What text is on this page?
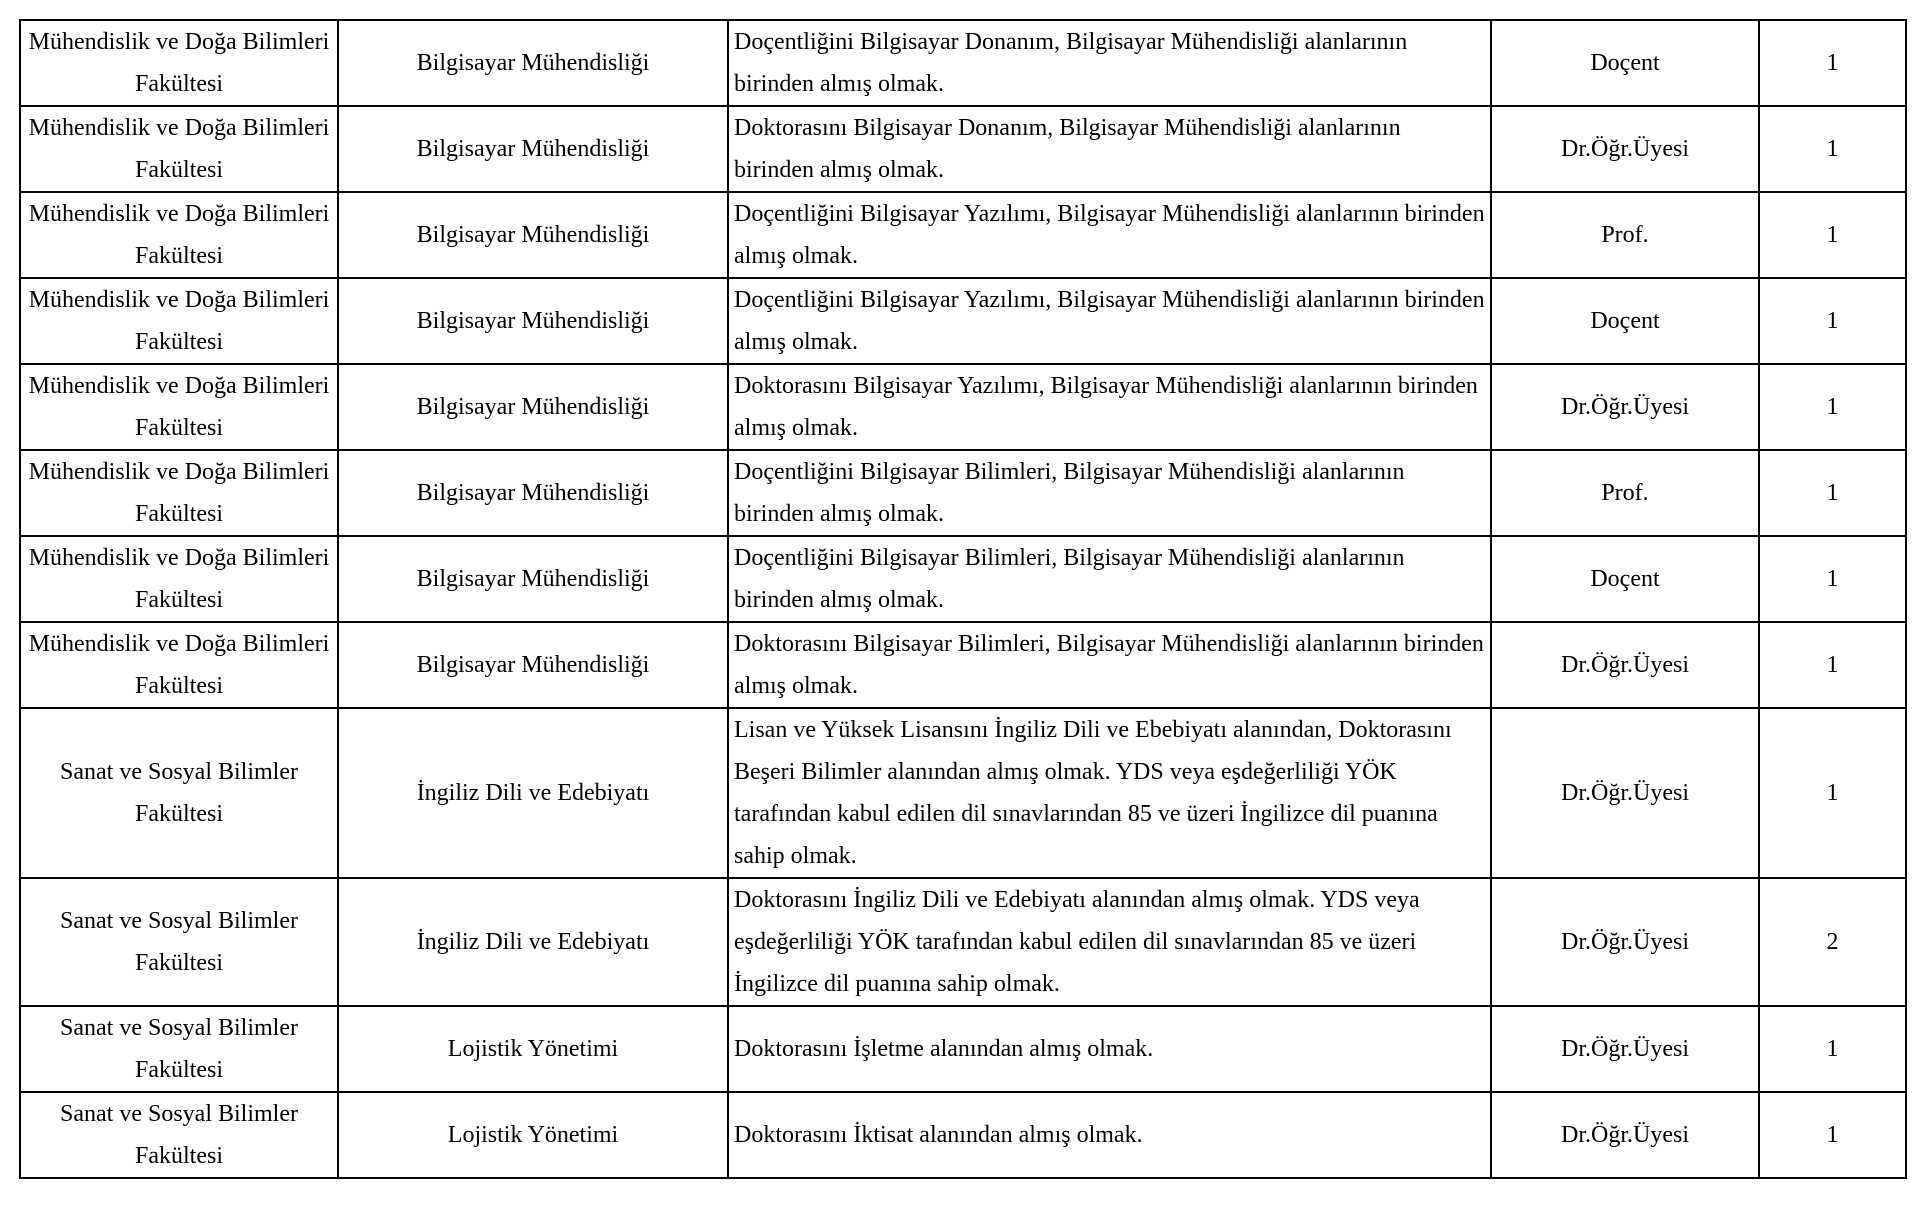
Mühendislik ve Doğa Bilimleri Fakültesi	Bilgisayar Mühendisliği	Doçentliğini Bilgisayar Donanım, Bilgisayar Mühendisliği alanlarının birinden almış olmak.	Doçent	1
Mühendislik ve Doğa Bilimleri Fakültesi	Bilgisayar Mühendisliği	Doktorasını Bilgisayar Donanım, Bilgisayar Mühendisliği alanlarının birinden almış olmak.	Dr.Öğr.Üyesi	1
Mühendislik ve Doğa Bilimleri Fakültesi	Bilgisayar Mühendisliği	Doçentliğini Bilgisayar Yazılımı, Bilgisayar Mühendisliği alanlarının birinden almış olmak.	Prof.	1
Mühendislik ve Doğa Bilimleri Fakültesi	Bilgisayar Mühendisliği	Doçentliğini Bilgisayar Yazılımı, Bilgisayar Mühendisliği alanlarının birinden almış olmak.	Doçent	1
Mühendislik ve Doğa Bilimleri Fakültesi	Bilgisayar Mühendisliği	Doktorasını Bilgisayar Yazılımı, Bilgisayar Mühendisliği alanlarının birinden almış olmak.	Dr.Öğr.Üyesi	1
Mühendislik ve Doğa Bilimleri Fakültesi	Bilgisayar Mühendisliği	Doçentliğini Bilgisayar Bilimleri, Bilgisayar Mühendisliği alanlarının birinden almış olmak.	Prof.	1
Mühendislik ve Doğa Bilimleri Fakültesi	Bilgisayar Mühendisliği	Doçentliğini Bilgisayar Bilimleri, Bilgisayar Mühendisliği alanlarının birinden almış olmak.	Doçent	1
Mühendislik ve Doğa Bilimleri Fakültesi	Bilgisayar Mühendisliği	Doktorasını Bilgisayar Bilimleri, Bilgisayar Mühendisliği alanlarının birinden almış olmak.	Dr.Öğr.Üyesi	1
Sanat ve Sosyal Bilimler Fakültesi	İngiliz Dili ve Edebiyatı	Lisan ve Yüksek Lisansını İngiliz Dili ve Ebebiyatı alanından, Doktorasını Beşeri Bilimler alanından almış olmak. YDS veya eşdeğerliliği YÖK tarafından kabul edilen dil sınavlarından 85 ve üzeri İngilizce dil puanına sahip olmak.	Dr.Öğr.Üyesi	1
Sanat ve Sosyal Bilimler Fakültesi	İngiliz Dili ve Edebiyatı	Doktorasını İngiliz Dili ve Edebiyatı alanından almış olmak. YDS veya eşdeğerliliği YÖK tarafından kabul edilen dil sınavlarından 85 ve üzeri İngilizce dil puanına sahip olmak.	Dr.Öğr.Üyesi	2
Sanat ve Sosyal Bilimler Fakültesi	Lojistik Yönetimi	Doktorasını İşletme alanından almış olmak.	Dr.Öğr.Üyesi	1
Sanat ve Sosyal Bilimler Fakültesi	Lojistik Yönetimi	Doktorasını İktisat alanından almış olmak.	Dr.Öğr.Üyesi	1
